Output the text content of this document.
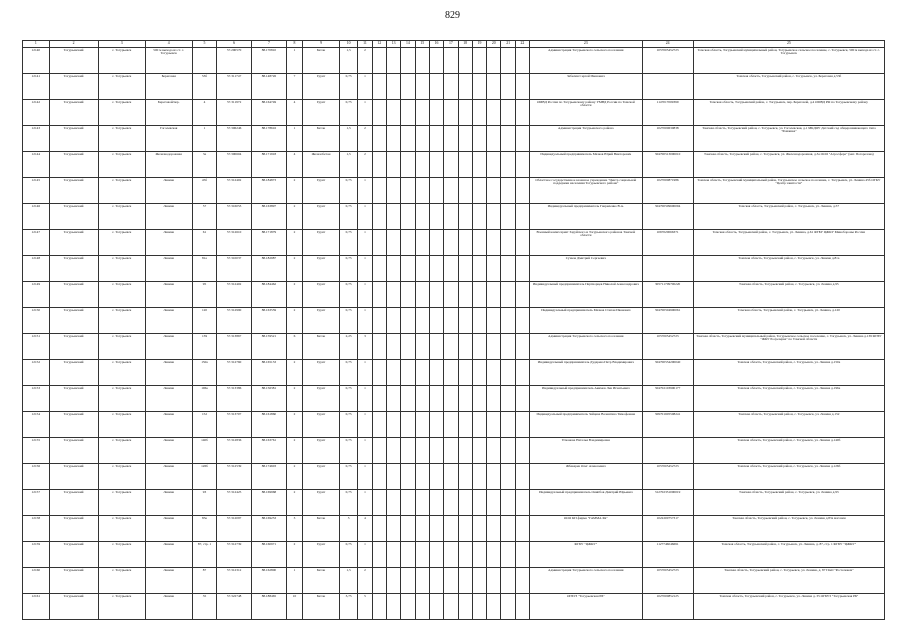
829
1	2	3	4	5	6	7	8	9	10	11	12	13	14	15	16	17	18	19	20	21	22	23	24	25
12140	Тогурьевский	с. Тогурьевск	500 м выхода из ст. с. Тогурьевск		57.290570	88.170810	1	Бетон	1,5	2												Администрация Тогурьевского сельского поселения	1057005452723	Томская область, Тогурьевский муниципальный район, Тогурьевское сельское поселение, с. Тогурьевск, 500 м выхода из ст. с. Тогурьевск
12141	Тогурьевский	с. Тогурьевск	Береговая	53б	57.311747	88.148726	7	Грунт	0,75	1												Забелин Сергей Иванович		Томская область, Тогурьевский район, с. Тогурьевск, ул. Береговая д.53б
12142	Тогурьевский	с. Тогурьевск	Береговой/пер.	4	57.311972	88.164749	4	Грунт	0,75	1												ОМВД России по Тогурьевскому району УМВД России по Томской области	1147017009399	Томская область, Тогурьевский район, с. Тогурьевск, пер. Береговой, д.4 ОМВД РФ по Тогурьевскому району
12143	Тогурьевский	с. Тогурьевск	Гоголевская	1	57.306246	88.178616	1	Бетон	1,5	2												Администрация Тогурьевского района	1027000630838	Томская область, Тогурьевский район, с. Тогурьевск, ул. Гоголевская, д.1 МКДОУ Детский сад общеразвивающего типа "Ромашка"
12144	Тогурьевский	с. Тогурьевск	Железнодорожная	3а	57.300604	88.171918	4	Железобетон	1,5	2												Индивидуальный предприниматель Мазков Юрий Викторович	304700513000010	Томская область, Тогурьевский район, с. Тогурьевск, ул. Железнодорожная, д.3а ООО "Агросфера" (маг. Погорелова)
12145	Тогурьевский	с. Тогурьевск	Ленина	45б	57.312402	88.184873	2	Грунт	0,75	1												Областное государственное казенное учреждение "Центр социальной поддержки населения Тогурьевского района"	1027000871986	Томская область, Тогурьевский муниципальный район, Тогурьевское сельское поселение, с. Тогурьевск, ул. Ленина 45б ОГКУ "Центр занятости"
12146	Тогурьевский	с. Тогурьевск	Ленина	57	57.316053	88.163897	2	Грунт	0,75	1												Индивидуальный предприниматель Гавриленко В.А.	304700509600094	Томская область, Тогурьевский район, с. Тогурьевск, ул. Ленина, д.57
12147	Тогурьевский	с. Тогурьевск	Ленина	61	57.312610	88.171879	2	Грунт	0,75	1												Военный комиссариат Заруйского и Тогурьевского районов Томской области	1067020066371	Томская область, Тогурьевский район, с. Тогурьевск, ул. Ленина, д.61 ФГБУ ЦЖКУ Минобороны России
12148	Тогурьевский	с. Тогурьевск	Ленина	81а	57.310037	88.182987	2	Грунт	0,75	1												Сучков Дмитрий Сергеевич		Томская область, Тогурьевский район, с. Тогурьевск, ул. Ленина д.81а
12149	Тогурьевский	с. Тогурьевск	Ленина	95	57.312402	88.184462	2	Грунт	0,75	1												Индивидуальный предприниматель Пертиорцев Николай Александрович	305711709700220	Томская область, Тогурьевский район, с. Тогурьевск, ул. Ленина д.95
12150	Тогурьевский	с. Тогурьевск	Ленина	120	57.312990	88.163559	2	Грунт	0,75	1												Индивидуальный предприниматель Мазков Степан Иванович	304700504900061	Томская область, Тогурьевский район, с. Тогурьевск, ул. Ленина, д.120
12151	Тогурьевский	с. Тогурьевск	Ленина	139	57.313867	88.159521	6	Бетон	2,25	3												Администрация Тогурьевского сельского поселения	1057005452723	Томская область, Тогурьевский муниципальный район, Тогурьевское сельское поселение, с. Тогурьевск, ул. Ленина д.139 ФГБУ "ЖКУ Росрезерва" по Томской области
12152	Тогурьевский	с. Тогурьевск	Ленина	150а	57.312760	88.165133	2	Грунт	0,75	1												Индивидуальный предприниматель Дударева Петр Владимирович	304700534200040	Томская область, Тогурьевский район, с. Тогурьевск, ул. Ленина д.150а
12153	Тогурьевский	с. Тогурьевск	Ленина	196а	57.313386	88.156381	2	Грунт	0,75	1												Индивидуальный предприниматель Акимов Лев Игнатьевич	304702103900177	Томская область, Тогурьевский район, с. Тогурьевск, ул. Ленина д.196а
12154	Тогурьевский	с. Тогурьевск	Ленина	152	57.313707	88.161860	2	Грунт	0,75	1												Индивидуальный предприниматель Зайцева Валентина Тимофеевна	309701605508241	Томская область, Тогурьевский район, с. Тогурьевск, ул. Ленина д.152
12155	Тогурьевский	с. Тогурьевск	Ленина	140б	57.312836	88.163761	2	Грунт	0,75	1												Усманова Наталья Владимировна		Томская область, Тогурьевский район, с. Тогурьевск, ул. Ленина д.140б
12156	Тогурьевский	с. Тогурьевск	Ленина	126б	57.312539	88.174603	2	Грунт	0,75	1												Жбакарев Олег Алексеевич	1057005452723	Томская область, Тогурьевский район, с. Тогурьевск, ул. Ленина д.126б
12157	Тогурьевский	с. Тогурьевск	Ленина	93	57.312425	88.169968	2	Грунт	0,75	1												Индивидуальный предприниматель Онипбов Дмитрий Юрьевич	312702331000019	Томская область, Тогурьевский район, с. Тогурьевск, ул. Ленина д.93
12158	Тогурьевский	с. Тогурьевск	Ленина	83а	57.312097	88.169253	3	Бетон	3	4												ООО КП фирма "ГАММА РА"	1022200757317	Томская область, Тогурьевский район, с. Тогурьевск, ул. Ленина д.83а магазин
12159	Тогурьевский	с. Тогурьевск	Ленина	87, стр. 1	57.312739	88.160971	2	Грунт	0,75	1												ФГБУ "ЦЖКУ"	1127746046691	Томская область, Тогурьевский район, с. Тогурьевск, ул. Ленина, д. 87, стр. 1 ФГБУ "ЦЖКУ"
12160	Тогурьевский	с. Тогурьевск	Ленина	87	57.312312	88.162800	1	Бетон	1,5	2												Администрация Тогурьевского сельского поселения	1057005452723	Томская область, Тогурьевский район, с. Тогурьевск, ул. Ленина, д. 87 ПАО "Ростелеком"
12161	Тогурьевский	с. Тогурьевск	Ленина	35	57.322748	88.188465	10	Бетон	3,75	5												ОГБУЗ "Тогурьевская РБ"	1027000852125	Томская область, Тогурьевский район, с. Тогурьевск, ул. Ленина д. 35 ОГБУЗ "Тогурьевская РБ"
